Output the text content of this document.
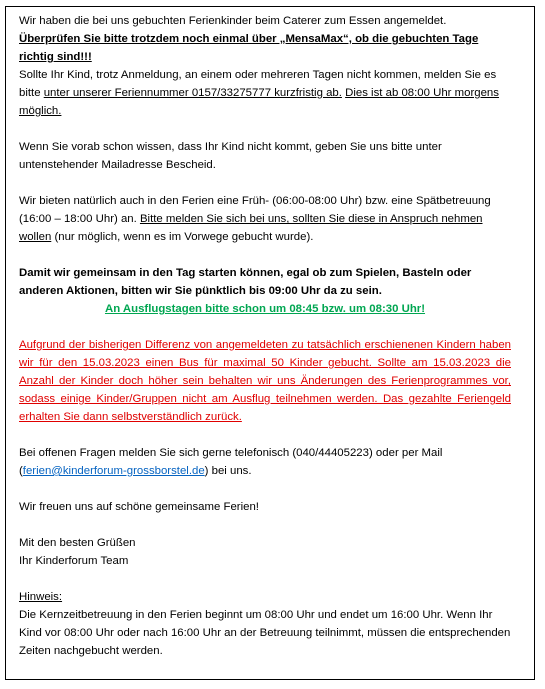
Wir haben die bei uns gebuchten Ferienkinder beim Caterer zum Essen angemeldet.
Überprüfen Sie bitte trotzdem noch einmal über „MensaMax“, ob die gebuchten Tage richtig sind!!!
Sollte Ihr Kind, trotz Anmeldung, an einem oder mehreren Tagen nicht kommen, melden Sie es bitte unter unserer Feriennummer 0157/33275777 kurzfristig ab. Dies ist ab 08:00 Uhr morgens möglich.

Wenn Sie vorab schon wissen, dass Ihr Kind nicht kommt, geben Sie uns bitte unter untenstehender Mailadresse Bescheid.

Wir bieten natürlich auch in den Ferien eine Früh- (06:00-08:00 Uhr) bzw. eine Spätbetreuung (16:00 – 18:00 Uhr) an. Bitte melden Sie sich bei uns, sollten Sie diese in Anspruch nehmen wollen (nur möglich, wenn es im Vorwege gebucht wurde).

Damit wir gemeinsam in den Tag starten können, egal ob zum Spielen, Basteln oder anderen Aktionen, bitten wir Sie pünktlich bis 09:00 Uhr da zu sein.

An Ausflugstagen bitte schon um 08:45 bzw. um 08:30 Uhr!

Aufgrund der bisherigen Differenz von angemeldeten zu tatsächlich erschienenen Kindern haben wir für den 15.03.2023 einen Bus für maximal 50 Kinder gebucht. Sollte am 15.03.2023 die Anzahl der Kinder doch höher sein behalten wir uns Änderungen des Ferienprogrammes vor, sodass einige Kinder/Gruppen nicht am Ausflug teilnehmen werden. Das gezahlte Feriengeld erhalten Sie dann selbstverständlich zurück.

Bei offenen Fragen melden Sie sich gerne telefonisch (040/44405223) oder per Mail
(ferien@kinderforum-grossborstel.de) bei uns.

Wir freuen uns auf schöne gemeinsame Ferien!

Mit den besten Grüßen

Ihr Kinderforum Team

Hinweis:

Die Kernzeitbetreuung in den Ferien beginnt um 08:00 Uhr und endet um 16:00 Uhr. Wenn Ihr Kind vor 08:00 Uhr oder nach 16:00 Uhr an der Betreuung teilnimmt, müssen die entsprechenden Zeiten nachgebucht werden.
